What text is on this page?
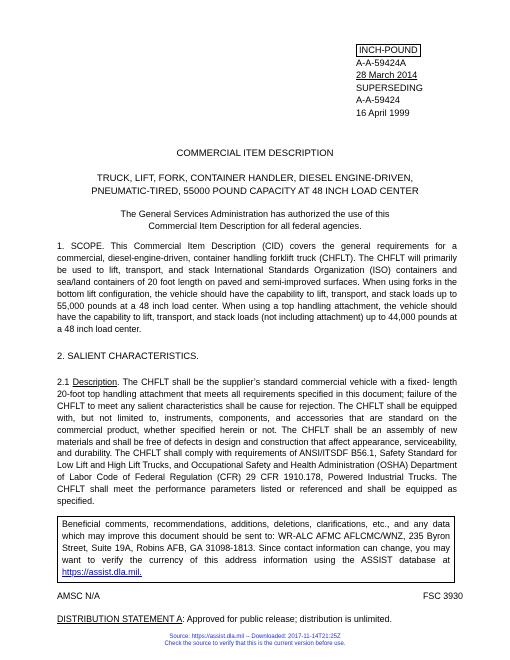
INCH-POUND
A-A-59424A
28 March 2014
SUPERSEDING
A-A-59424
16 April 1999
COMMERCIAL ITEM DESCRIPTION
TRUCK, LIFT, FORK, CONTAINER HANDLER, DIESEL ENGINE-DRIVEN,
PNEUMATIC-TIRED, 55000 POUND CAPACITY AT 48 INCH LOAD CENTER
The General Services Administration has authorized the use of this
Commercial Item Description for all federal agencies.
1. SCOPE. This Commercial Item Description (CID) covers the general requirements for a commercial, diesel-engine-driven, container handling forklift truck (CHFLT). The CHFLT will primarily be used to lift, transport, and stack International Standards Organization (ISO) containers and sea/land containers of 20 foot length on paved and semi-improved surfaces. When using forks in the bottom lift configuration, the vehicle should have the capability to lift, transport, and stack loads up to 55,000 pounds at a 48 inch load center. When using a top handling attachment, the vehicle should have the capability to lift, transport, and stack loads (not including attachment) up to 44,000 pounds at a 48 inch load center.
2. SALIENT CHARACTERISTICS.
2.1 Description. The CHFLT shall be the supplier’s standard commercial vehicle with a fixed- length 20-foot top handling attachment that meets all requirements specified in this document; failure of the CHFLT to meet any salient characteristics shall be cause for rejection. The CHFLT shall be equipped with, but not limited to, instruments, components, and accessories that are standard on the commercial product, whether specified herein or not. The CHFLT shall be an assembly of new materials and shall be free of defects in design and construction that affect appearance, serviceability, and durability. The CHFLT shall comply with requirements of ANSI/ITSDF B56.1, Safety Standard for Low Lift and High Lift Trucks, and Occupational Safety and Health Administration (OSHA) Department of Labor Code of Federal Regulation (CFR) 29 CFR 1910.178, Powered Industrial Trucks. The CHFLT shall meet the performance parameters listed or referenced and shall be equipped as specified.
Beneficial comments, recommendations, additions, deletions, clarifications, etc., and any data which may improve this document should be sent to: WR-ALC AFMC AFLCMC/WNZ, 235 Byron Street, Suite 19A, Robins AFB, GA 31098-1813. Since contact information can change, you may want to verify the currency of this address information using the ASSIST database at https://assist.dla.mil.
AMSC N/A	FSC 3930
DISTRIBUTION STATEMENT A: Approved for public release; distribution is unlimited.
Source: https://assist.dla.mil -- Downloaded: 2017-11-14T21:25Z
Check the source to verify that this is the current version before use.
